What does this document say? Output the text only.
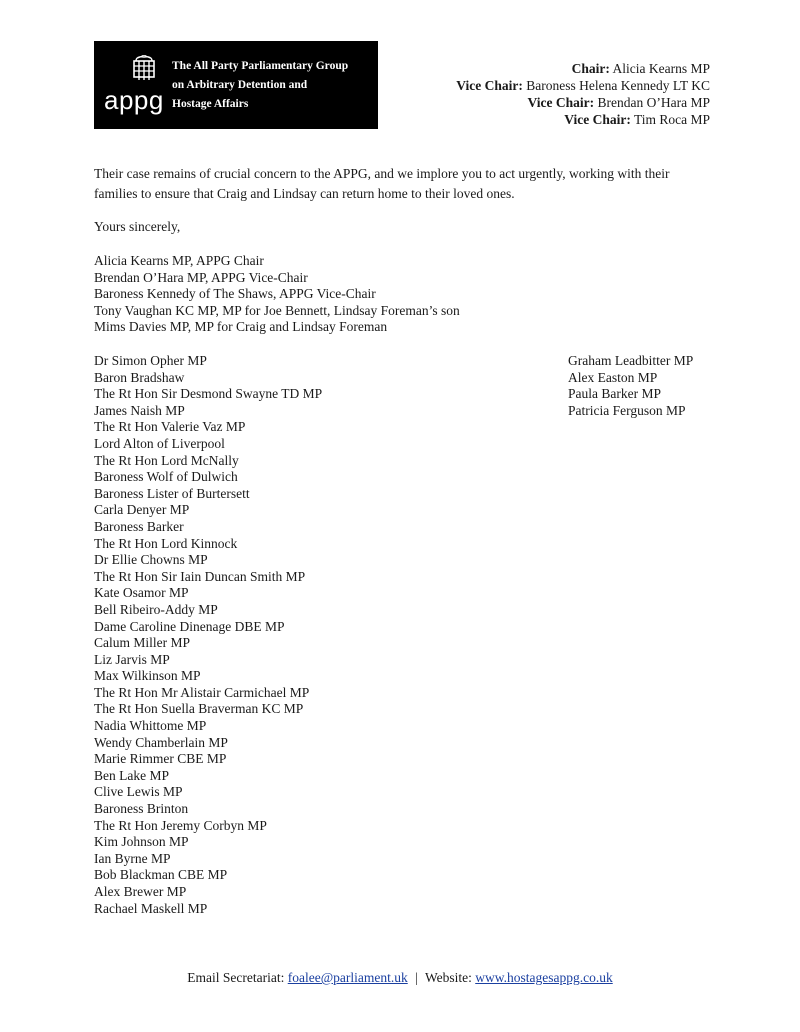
appg
The All Party Parliamentary Group
on Arbitrary Detention and
Hostage Affairs
Chair: Alicia Kearns MP
Vice Chair: Baroness Helena Kennedy LT KC
Vice Chair: Brendan O’Hara MP
Vice Chair: Tim Roca MP
Their case remains of crucial concern to the APPG, and we implore you to act urgently, working with their families to ensure that Craig and Lindsay can return home to their loved ones.
Yours sincerely,
Alicia Kearns MP, APPG Chair
Brendan O’Hara MP, APPG Vice-Chair
Baroness Kennedy of The Shaws, APPG Vice-Chair
Tony Vaughan KC MP, MP for Joe Bennett, Lindsay Foreman’s son
Mims Davies MP, MP for Craig and Lindsay Foreman
Dr Simon Opher MP
Baron Bradshaw
The Rt Hon Sir Desmond Swayne TD MP
James Naish MP
The Rt Hon Valerie Vaz MP
Lord Alton of Liverpool
The Rt Hon Lord McNally
Baroness Wolf of Dulwich
Baroness Lister of Burtersett
Carla Denyer MP
Baroness Barker
The Rt Hon Lord Kinnock
Dr Ellie Chowns MP
The Rt Hon Sir Iain Duncan Smith MP
Kate Osamor MP
Bell Ribeiro-Addy MP
Dame Caroline Dinenage DBE MP
Calum Miller MP
Liz Jarvis MP
Max Wilkinson MP
The Rt Hon Mr Alistair Carmichael MP
The Rt Hon Suella Braverman KC MP
Nadia Whittome MP
Wendy Chamberlain MP
Marie Rimmer CBE MP
Ben Lake MP
Clive Lewis MP
Baroness Brinton
The Rt Hon Jeremy Corbyn MP
Kim Johnson MP
Ian Byrne MP
Bob Blackman CBE MP
Alex Brewer MP
Rachael Maskell MP
Graham Leadbitter MP
Alex Easton MP
Paula Barker MP
Patricia Ferguson MP
Email Secretariat: foalee@parliament.uk | Website: www.hostagesappg.co.uk
